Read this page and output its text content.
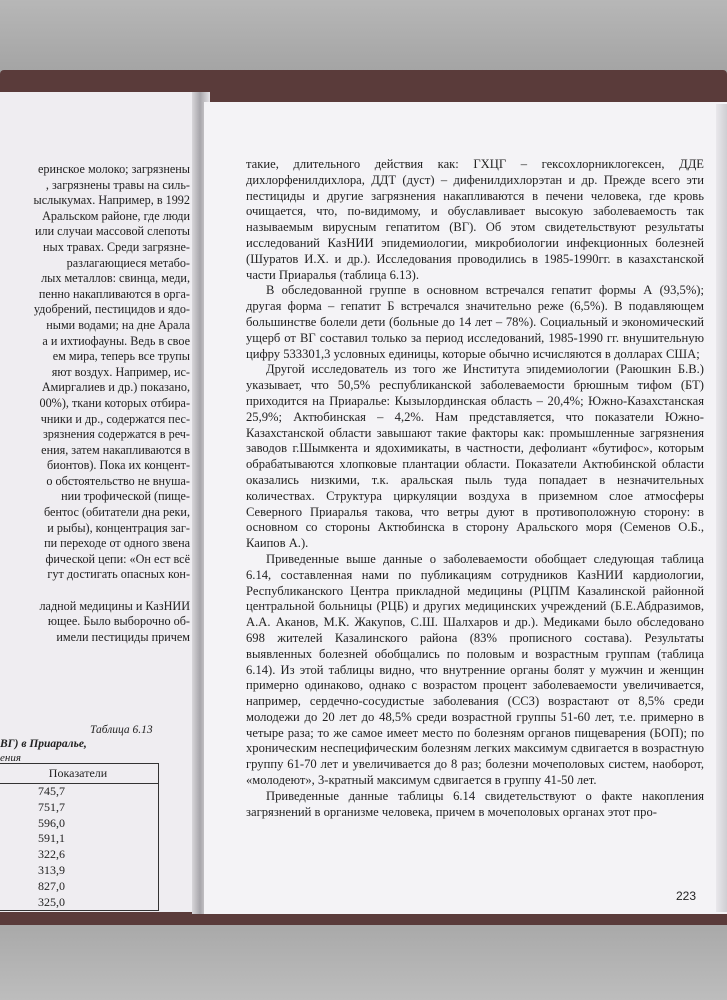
еринское молоко; загрязнены
, загрязнены травы на силь-
ыслыкумах. Например, в 1992
Аральском районе, где люди
или случаи массовой слепоты
ных травах. Среди загрязне-
разлагающиеся метабо-
лых металлов: свинца, меди,
пенно накапливаются в орга-
удобрений, пестицидов и ядо-
ными водами; на дне Арала
а и ихтиофауны. Ведь в свое
ем мира, теперь все трупы
яют воздух. Например, ис-
Амиргалиев и др.) показано,
00%), ткани которых отбира-
чники и др., содержатся пес-
зрязнения содержатся в реч-
ения, затем накапливаются в
бионтов). Пока их концент-
о обстоятельство не внуша-
нии трофической (пище-
бентос (обитатели дна реки,
и рыбы), концентрация заг-
пи переходе от одного звена
фической цепи: «Он ест всё
гут достигать опасных кон-
ладной медицины и КазНИИ
ющее. Было выборочно об-
имели пестициды причем
Таблица 6.13
ВГ) в Приаралье,
ения
Показатели
745,7
751,7
596,0
591,1
322,6
313,9
827,0
325,0

такие, длительного действия как: ГХЦГ – гексохлорниклогексен, ДДЕ дихлорфенилдихлора, ДДТ (дуст) – дифенилдихлорэтан и др. Прежде всего эти пестициды и другие загрязнения накапливаются в печени человека, где кровь очищается, что, по-видимому, и обуславливает высокую заболеваемость так называемым вирусным гепатитом (ВГ). Об этом свидетельствуют результаты исследований КазНИИ эпидемиологии, микробиологии инфекционных болезней (Шуратов И.Х. и др.). Исследования проводились в 1985-1990гг. в казахстанской части Приаралья (таблица 6.13).

В обследованной группе в основном встречался гепатит формы А (93,5%); другая форма – гепатит Б встречался значительно реже (6,5%). В подавляющем большинстве болели дети (больные до 14 лет – 78%). Социальный и экономический ущерб от ВГ составил только за период исследований, 1985-1990 гг. внушительную цифру 533301,3 условных единицы, которые обычно исчисляются в долларах США;

Другой исследователь из того же Института эпидемиологии (Раюшкин Б.В.) указывает, что 50,5% республиканской заболеваемости брюшным тифом (БТ) приходится на Приаралье: Кызылординская область – 20,4%; Южно-Казахстанская 25,9%; Актюбинская – 4,2%. Нам представляется, что показатели Южно-Казахстанской области завышают такие факторы как: промышленные загрязнения заводов г.Шымкента и ядохимикаты, в частности, дефолиант «бутифос», которым обрабатываются хлопковые плантации области. Показатели Актюбинской области оказались низкими, т.к. аральская пыль туда попадает в незначительных количествах. Структура циркуляции воздуха в приземном слое атмосферы Северного Приаралья такова, что ветры дуют в противоположную сторону: в основном со стороны Актюбинска в сторону Аральского моря (Семенов О.Б., Каипов А.).

Приведенные выше данные о заболеваемости обобщает следующая таблица 6.14, составленная нами по публикациям сотрудников КазНИИ кардиологии, Республиканского Центра прикладной медицины (РЦПМ Казалинской районной центральной больницы (РЦБ) и других медицинских учреждений (Б.Е.Абдразимов, А.А. Аканов, М.К. Жакупов, С.Ш. Шалхаров и др.). Медиками было обследовано 698 жителей Казалинского района (83% прописного состава). Результаты выявленных болезней обобщались по половым и возрастным группам (таблица 6.14). Из этой таблицы видно, что внутренние органы болят у мужчин и женщин примерно одинаково, однако с возрастом процент заболеваемости увеличивается, например, сердечно-сосудистые заболевания (ССЗ) возрастают от 8,5% среди молодежи до 20 лет до 48,5% среди возрастной группы 51-60 лет, т.е. примерно в четыре раза; то же самое имеет место по болезням органов пищеварения (БОП); по хроническим неспецифическим болезням легких максимум сдвигается в возрастную группу 61-70 лет и увеличивается до 8 раз; болезни мочеполовых систем, наоборот, «молодеют», 3-кратный максимум сдвигается в группу 41-50 лет.

Приведенные данные таблицы 6.14 свидетельствуют о факте накопления загрязнений в организме человека, причем в мочеполовых органах этот про-

223
